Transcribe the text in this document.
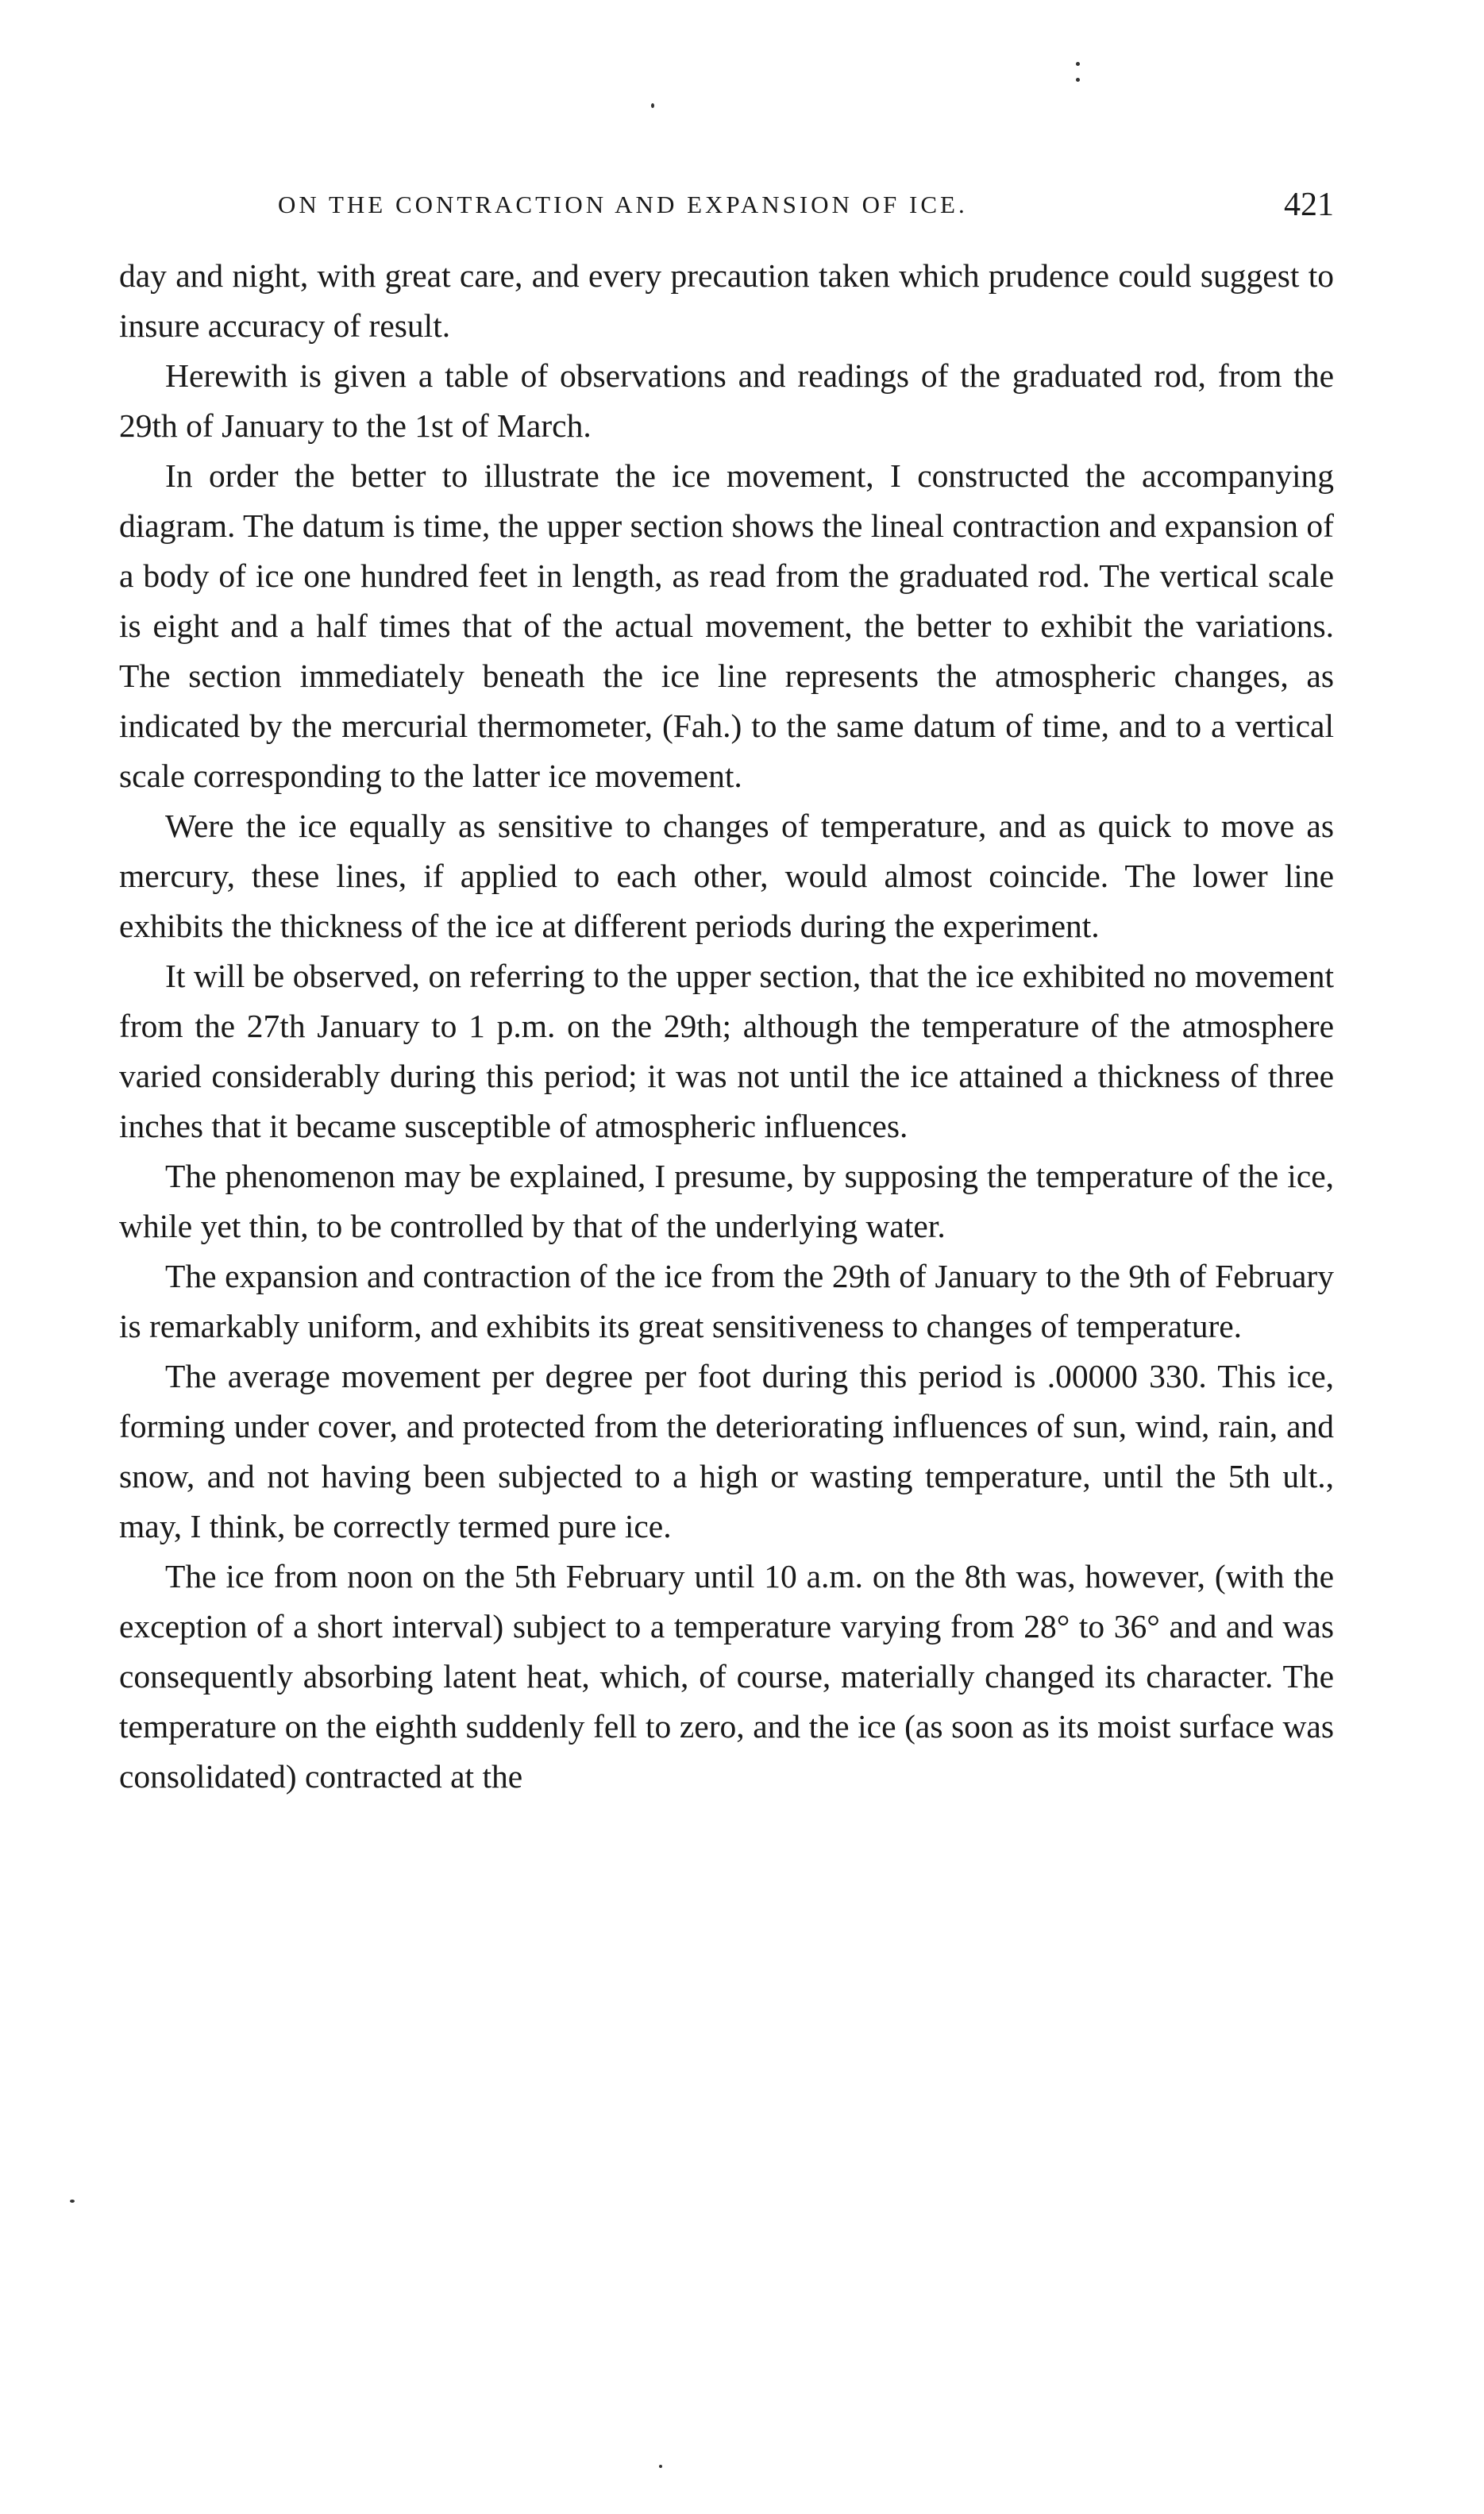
ON THE CONTRACTION AND EXPANSION OF ICE.	421

day and night, with great care, and every precaution taken which prudence could suggest to insure accuracy of result.

Herewith is given a table of observations and readings of the graduated rod, from the 29th of January to the 1st of March.

In order the better to illustrate the ice movement, I constructed the accompanying diagram. The datum is time, the upper section shows the lineal contraction and expansion of a body of ice one hundred feet in length, as read from the graduated rod. The vertical scale is eight and a half times that of the actual movement, the better to exhibit the variations. The section immediately beneath the ice line represents the atmospheric changes, as indicated by the mercurial thermometer, (Fah.) to the same datum of time, and to a vertical scale corresponding to the latter ice movement.

Were the ice equally as sensitive to changes of temperature, and as quick to move as mercury, these lines, if applied to each other, would almost coincide. The lower line exhibits the thickness of the ice at different periods during the experiment.

It will be observed, on referring to the upper section, that the ice exhibited no movement from the 27th January to 1 p.m. on the 29th; although the temperature of the atmosphere varied considerably during this period; it was not until the ice attained a thickness of three inches that it became susceptible of atmospheric influences.

The phenomenon may be explained, I presume, by supposing the temperature of the ice, while yet thin, to be controlled by that of the underlying water.

The expansion and contraction of the ice from the 29th of January to the 9th of February is remarkably uniform, and exhibits its great sensitiveness to changes of temperature.

The average movement per degree per foot during this period is .00000 330. This ice, forming under cover, and protected from the deteriorating influences of sun, wind, rain, and snow, and not having been subjected to a high or wasting temperature, until the 5th ult., may, I think, be correctly termed pure ice.

The ice from noon on the 5th February until 10 a.m. on the 8th was, however, (with the exception of a short interval) subject to a temperature varying from 28° to 36° and and was consequently absorbing latent heat, which, of course, materially changed its character. The temperature on the eighth suddenly fell to zero, and the ice (as soon as its moist surface was consolidated) contracted at the
